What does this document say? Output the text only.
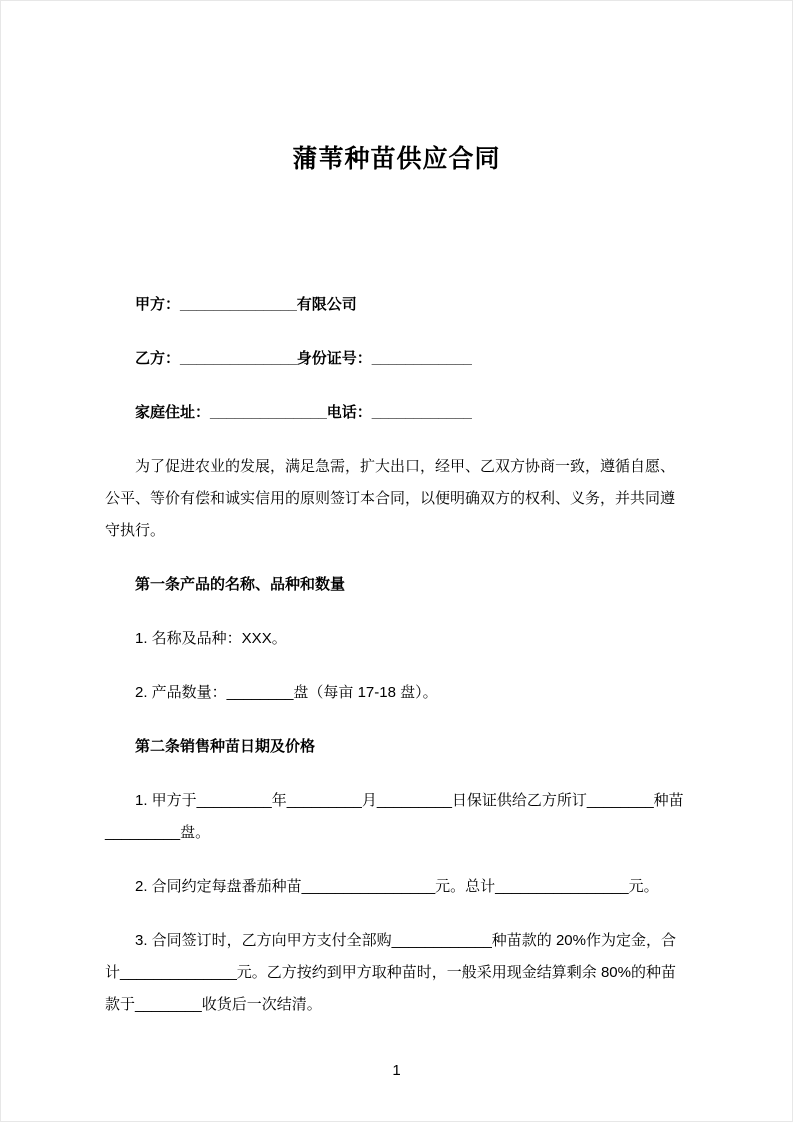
蒲苇种苗供应合同

甲方：______________有限公司

乙方：______________身份证号：____________

家庭住址：______________电话：____________

为了促进农业的发展，满足急需，扩大出口，经甲、乙双方协商一致，遵循自愿、公平、等价有偿和诚实信用的原则签订本合同，以便明确双方的权利、义务，并共同遵守执行。

第一条产品的名称、品种和数量

1. 名称及品种：XXX。

2. 产品数量：________盘（每亩 17-18 盘）。

第二条销售种苗日期及价格

1. 甲方于_________年_________月_________日保证供给乙方所订________种苗_________盘。

2. 合同约定每盘番茄种苗________________元。总计________________元。

3. 合同签订时，乙方向甲方支付全部购____________种苗款的 20%作为定金，合计______________元。乙方按约到甲方取种苗时，一般采用现金结算剩余 80%的种苗款于________收货后一次结清。

1
